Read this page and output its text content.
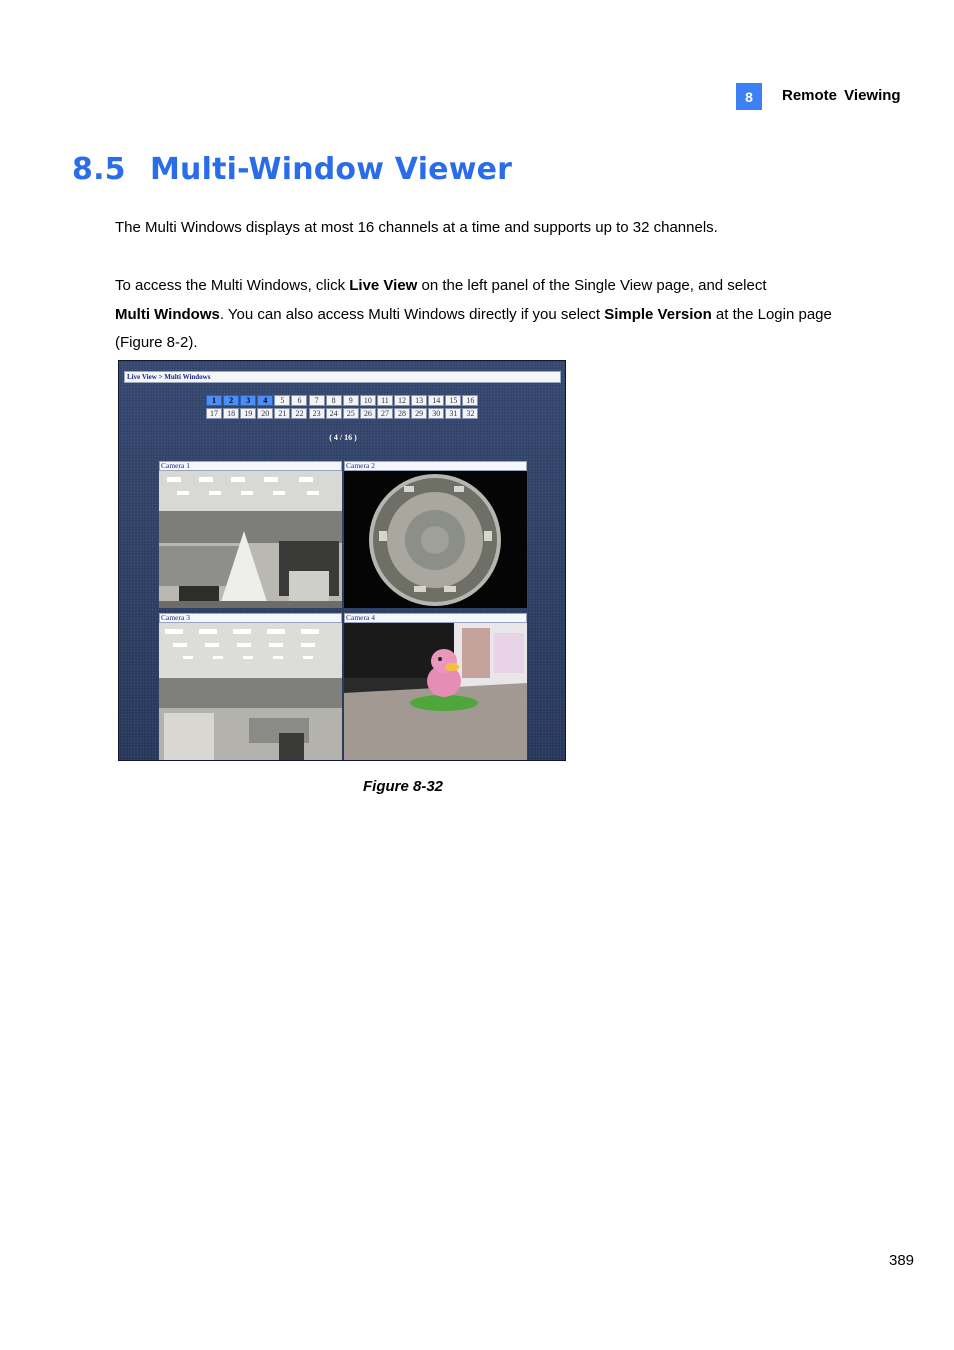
8	Remote Viewing
8.5 Multi-Window Viewer

The Multi Windows displays at most 16 channels at a time and supports up to 32 channels.

To access the Multi Windows, click Live View on the left panel of the Single View page, and select
Multi Windows. You can also access Multi Windows directly if you select Simple Version at the Login page (Figure 8-2).

Live View > Multi Windows
1	2	3	4	5	6	7	8	9	10	11	12	13	14	15	16
17	18	19	20	21	22	23	24	25	26	27	28	29	30	31	32
( 4 / 16 )
Camera 1	Camera 2
Camera 3	Camera 4
Figure 8-32
389
